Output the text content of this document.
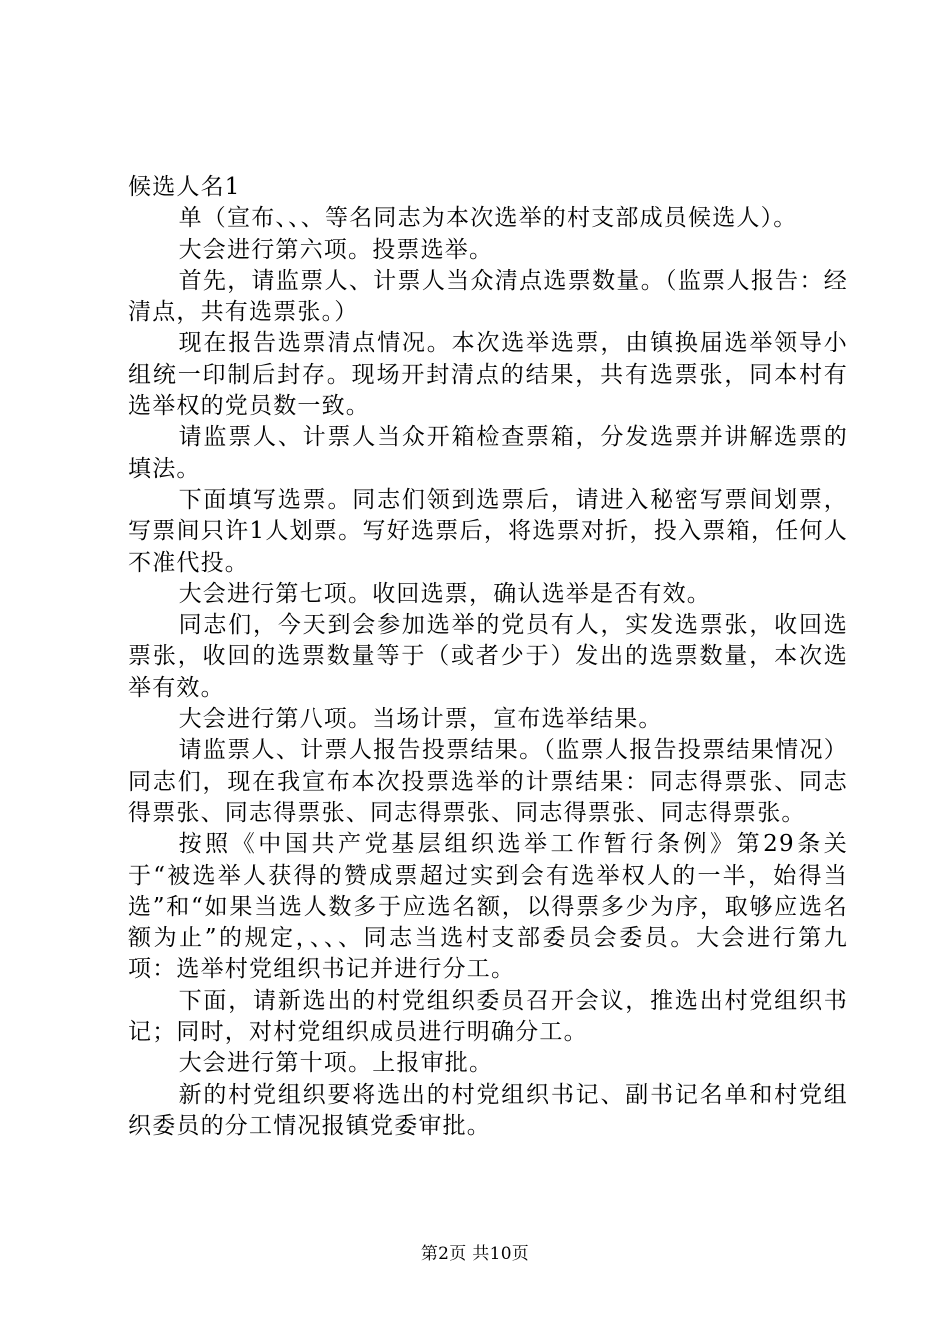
候选人名1

单（宣布、、、等名同志为本次选举的村支部成员候选人）。

大会进行第六项。投票选举。

首先，请监票人、计票人当众清点选票数量。（监票人报告：经清点，共有选票张。）

现在报告选票清点情况。本次选举选票，由镇换届选举领导小组统一印制后封存。现场开封清点的结果，共有选票张，同本村有选举权的党员数一致。

请监票人、计票人当众开箱检查票箱，分发选票并讲解选票的填法。

下面填写选票。同志们领到选票后，请进入秘密写票间划票，写票间只许1人划票。写好选票后，将选票对折，投入票箱，任何人不准代投。

大会进行第七项。收回选票，确认选举是否有效。

同志们，今天到会参加选举的党员有人，实发选票张，收回选票张，收回的选票数量等于（或者少于）发出的选票数量，本次选举有效。

大会进行第八项。当场计票，宣布选举结果。

请监票人、计票人报告投票结果。（监票人报告投票结果情况）同志们，现在我宣布本次投票选举的计票结果：同志得票张、同志得票张、同志得票张、同志得票张、同志得票张、同志得票张。

按照《中国共产党基层组织选举工作暂行条例》第29条关于“被选举人获得的赞成票超过实到会有选举权人的一半，始得当选”和“如果当选人数多于应选名额，以得票多少为序，取够应选名额为止”的规定，、、、同志当选村支部委员会委员。大会进行第九项：选举村党组织书记并进行分工。

下面，请新选出的村党组织委员召开会议，推选出村党组织书记；同时，对村党组织成员进行明确分工。

大会进行第十项。上报审批。

新的村党组织要将选出的村党组织书记、副书记名单和村党组织委员的分工情况报镇党委审批。

第2页 共10页
